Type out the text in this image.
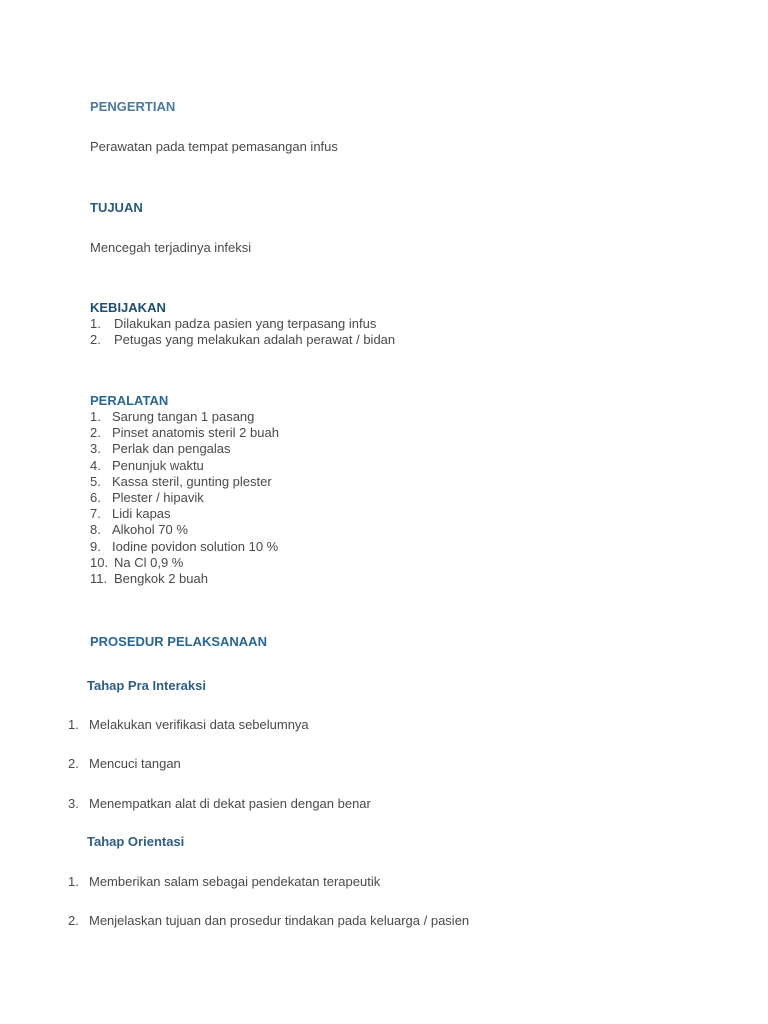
PENGERTIAN
Perawatan pada tempat pemasangan infus
TUJUAN
Mencegah terjadinya infeksi
KEBIJAKAN
1. Dilakukan padza pasien yang terpasang infus
2. Petugas yang melakukan adalah perawat / bidan
PERALATAN
1. Sarung tangan 1 pasang
2. Pinset anatomis steril 2 buah
3. Perlak dan pengalas
4. Penunjuk waktu
5. Kassa steril, gunting plester
6. Plester / hipavik
7. Lidi kapas
8. Alkohol 70 %
9. Iodine povidon solution 10 %
10. Na Cl 0,9 %
11. Bengkok 2 buah
PROSEDUR PELAKSANAAN
Tahap Pra Interaksi
1. Melakukan verifikasi data sebelumnya
2. Mencuci tangan
3. Menempatkan alat di dekat pasien dengan benar
Tahap Orientasi
1. Memberikan salam sebagai pendekatan terapeutik
2. Menjelaskan tujuan dan prosedur tindakan pada keluarga / pasien
